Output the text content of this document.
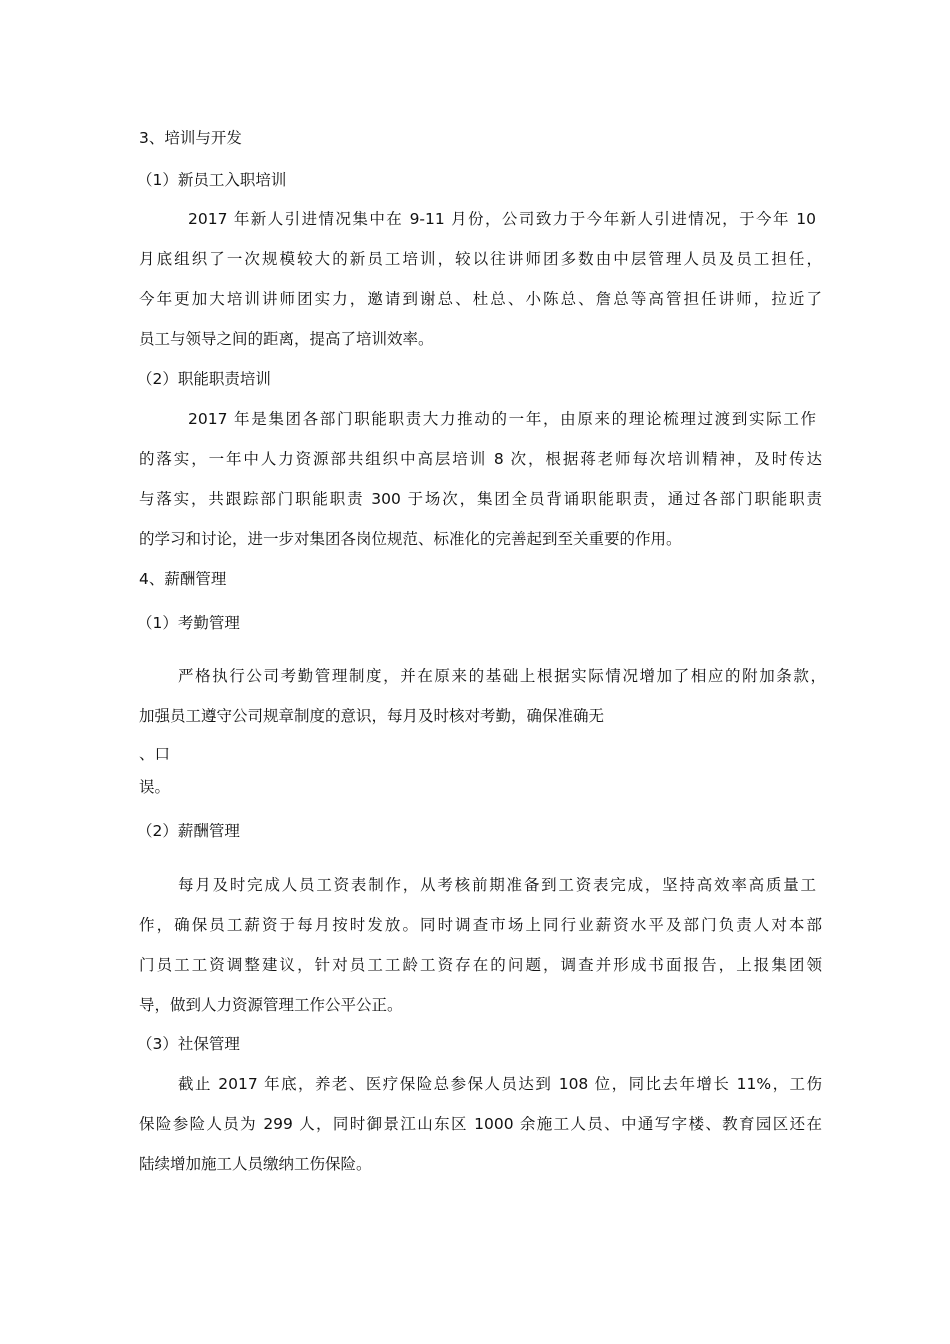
3、培训与开发

（1）新员工入职培训

2017 年新人引进情况集中在 9-11 月份，公司致力于今年新人引进情况，于今年 10

月底组织了一次规模较大的新员工培训，较以往讲师团多数由中层管理人员及员工担任，

今年更加大培训讲师团实力，邀请到谢总、杜总、小陈总、詹总等高管担任讲师，拉近了

员工与领导之间的距离，提高了培训效率。

（2）职能职责培训

2017 年是集团各部门职能职责大力推动的一年，由原来的理论梳理过渡到实际工作

的落实，一年中人力资源部共组织中高层培训 8 次，根据蒋老师每次培训精神，及时传达

与落实，共跟踪部门职能职责 300 于场次，集团全员背诵职能职责，通过各部门职能职责

的学习和讨论，进一步对集团各岗位规范、标准化的完善起到至关重要的作用。

4、薪酬管理

（1）考勤管理

严格执行公司考勤管理制度，并在原来的基础上根据实际情况增加了相应的附加条款，

加强员工遵守公司规章制度的意识，每月及时核对考勤，确保准确无

、口

误。

（2）薪酬管理

每月及时完成人员工资表制作，从考核前期准备到工资表完成，坚持高效率高质量工

作，确保员工薪资于每月按时发放。同时调查市场上同行业薪资水平及部门负责人对本部

门员工工资调整建议，针对员工工龄工资存在的问题，调查并形成书面报告，上报集团领

导，做到人力资源管理工作公平公正。

（3）社保管理

截止 2017 年底，养老、医疗保险总参保人员达到 108 位，同比去年增长 11%，工伤

保险参险人员为 299 人，同时御景江山东区 1000 余施工人员、中通写字楼、教育园区还在

陆续增加施工人员缴纳工伤保险。
